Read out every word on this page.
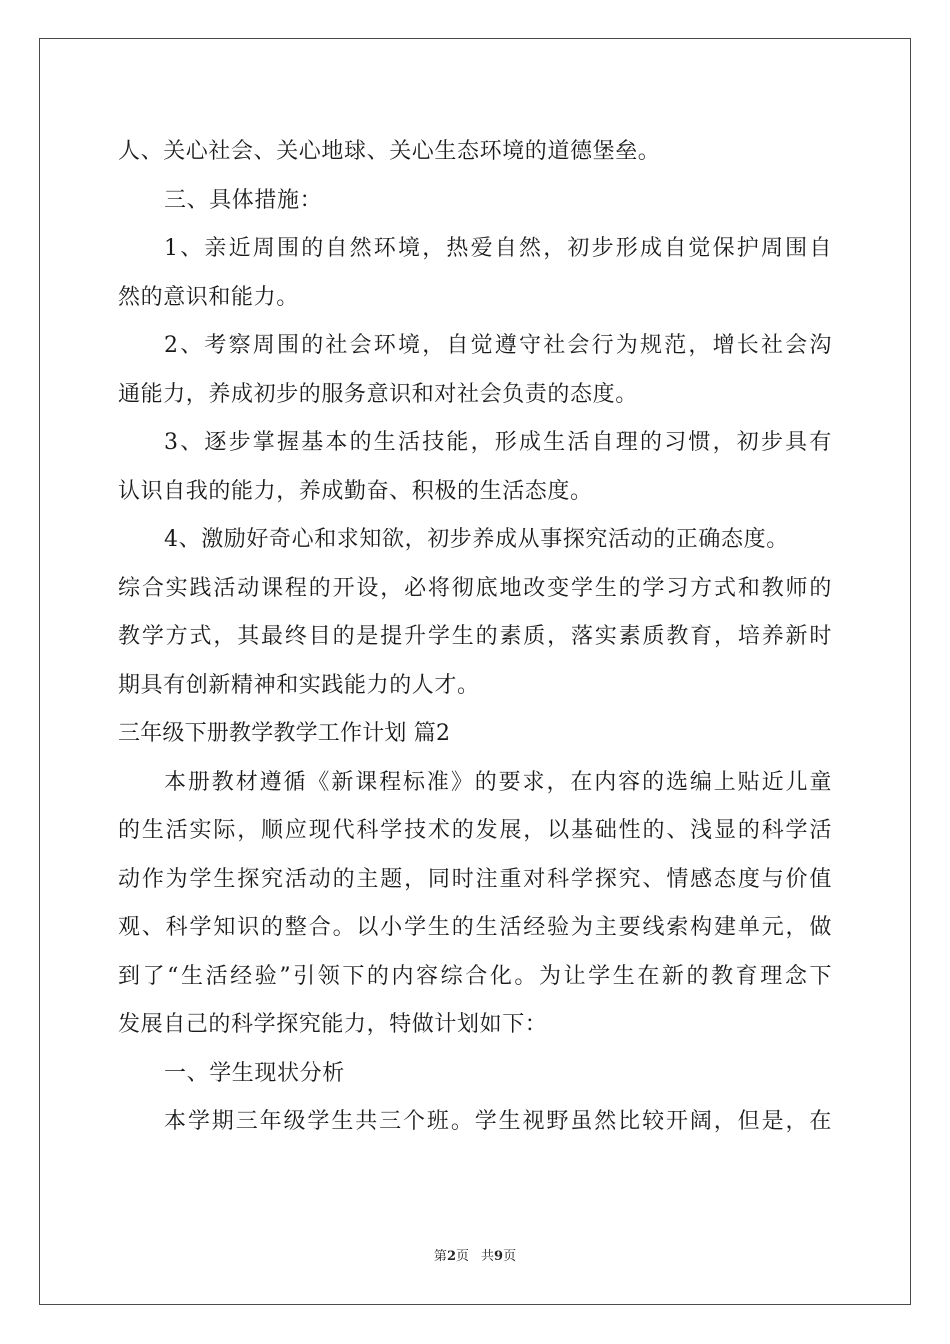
人、关心社会、关心地球、关心生态环境的道德堡垒。
三、具体措施：
1、亲近周围的自然环境，热爱自然，初步形成自觉保护周围自
然的意识和能力。
2、考察周围的社会环境，自觉遵守社会行为规范，增长社会沟
通能力，养成初步的服务意识和对社会负责的态度。
3、逐步掌握基本的生活技能，形成生活自理的习惯，初步具有
认识自我的能力，养成勤奋、积极的生活态度。
4、激励好奇心和求知欲，初步养成从事探究活动的正确态度。
综合实践活动课程的开设，必将彻底地改变学生的学习方式和教师的
教学方式，其最终目的是提升学生的素质，落实素质教育，培养新时
期具有创新精神和实践能力的人才。
三年级下册教学教学工作计划 篇2
本册教材遵循《新课程标准》的要求，在内容的选编上贴近儿童
的生活实际，顺应现代科学技术的发展，以基础性的、浅显的科学活
动作为学生探究活动的主题，同时注重对科学探究、情感态度与价值
观、科学知识的整合。以小学生的生活经验为主要线索构建单元，做
到了“生活经验”引领下的内容综合化。为让学生在新的教育理念下
发展自己的科学探究能力，特做计划如下：
一、学生现状分析
本学期三年级学生共三个班。学生视野虽然比较开阔，但是，在
第2页 共9页
